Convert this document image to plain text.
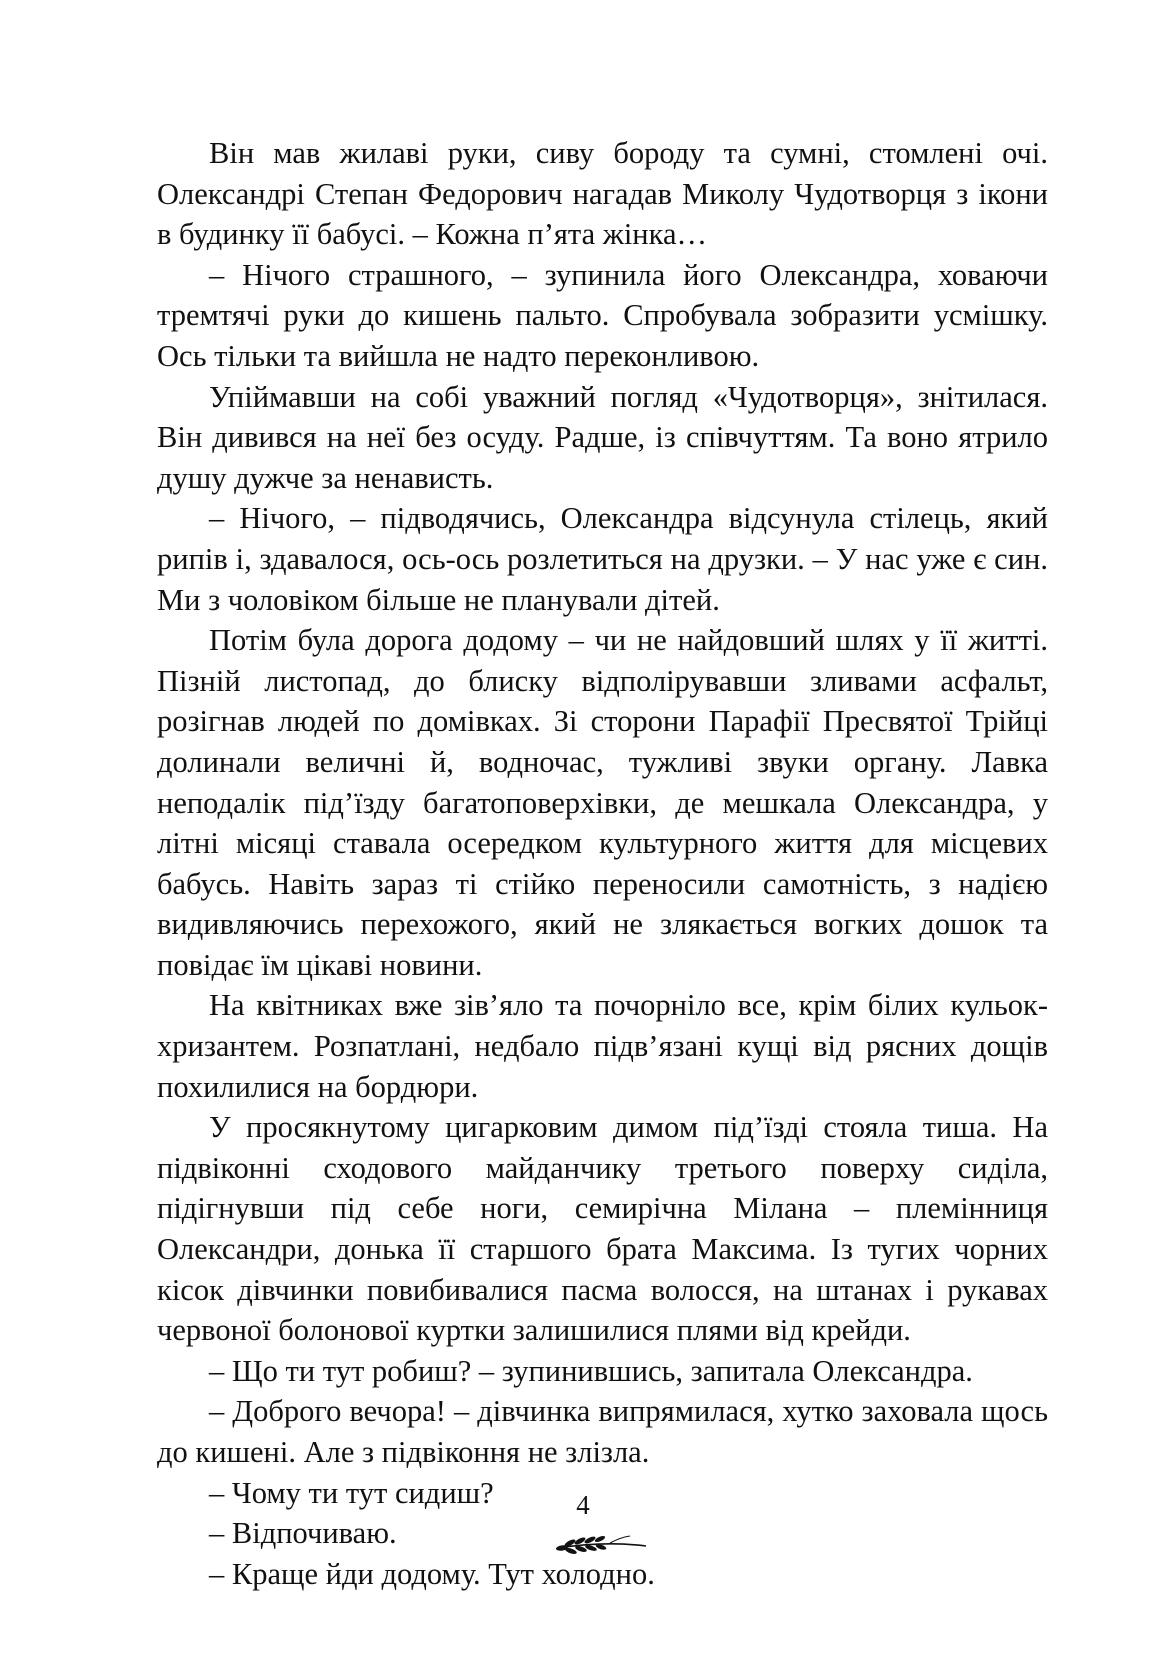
Він мав жилаві руки, сиву бороду та сумні, стомлені очі. Олександрі Степан Федорович нагадав Миколу Чудотворця з ікони в будинку її бабусі. – Кожна п’ята жінка…

– Нічого страшного, – зупинила його Олександра, ховаючи тремтячі руки до кишень пальто. Спробувала зобразити усмішку. Ось тільки та вийшла не надто переконливою.

Упіймавши на собі уважний погляд «Чудотворця», знітилася. Він дивився на неї без осуду. Радше, із співчуттям. Та воно ятрило душу дужче за ненависть.

– Нічого, – підводячись, Олександра відсунула стілець, який рипів і, здавалося, ось-ось розлетиться на друзки. – У нас уже є син. Ми з чоловіком більше не планували дітей.

Потім була дорога додому – чи не найдовший шлях у її житті. Пізній листопад, до блиску відполірувавши зливами асфальт, розігнав людей по домівках. Зі сторони Парафії Пресвятої Трійці долинали величні й, водночас, тужливі звуки органу. Лавка неподалік під’їзду багатоповерхівки, де мешкала Олександра, у літні місяці ставала осередком культурного життя для місцевих бабусь. Навіть зараз ті стійко переносили самотність, з надією видивляючись перехожого, який не злякається вогких дошок та повідає їм цікаві новини.

На квітниках вже зів’яло та почорніло все, крім білих кульок-хризантем. Розпатлані, недбало підв’язані кущі від рясних дощів похилилися на бордюри.

У просякнутому цигарковим димом під’їзді стояла тиша. На підвіконні сходового майданчику третього поверху сиділа, підігнувши під себе ноги, семирічна Мілана – племінниця Олександри, донька її старшого брата Максима. Із тугих чорних кісок дівчинки повибивалися пасма волосся, на штанах і рукавах червоної болонової куртки залишилися плями від крейди.

– Що ти тут робиш? – зупинившись, запитала Олександра.

– Доброго вечора! – дівчинка випрямилася, хутко заховала щось до кишені. Але з підвіконня не злізла.

– Чому ти тут сидиш?

– Відпочиваю.

– Краще йди додому. Тут холодно.

4
